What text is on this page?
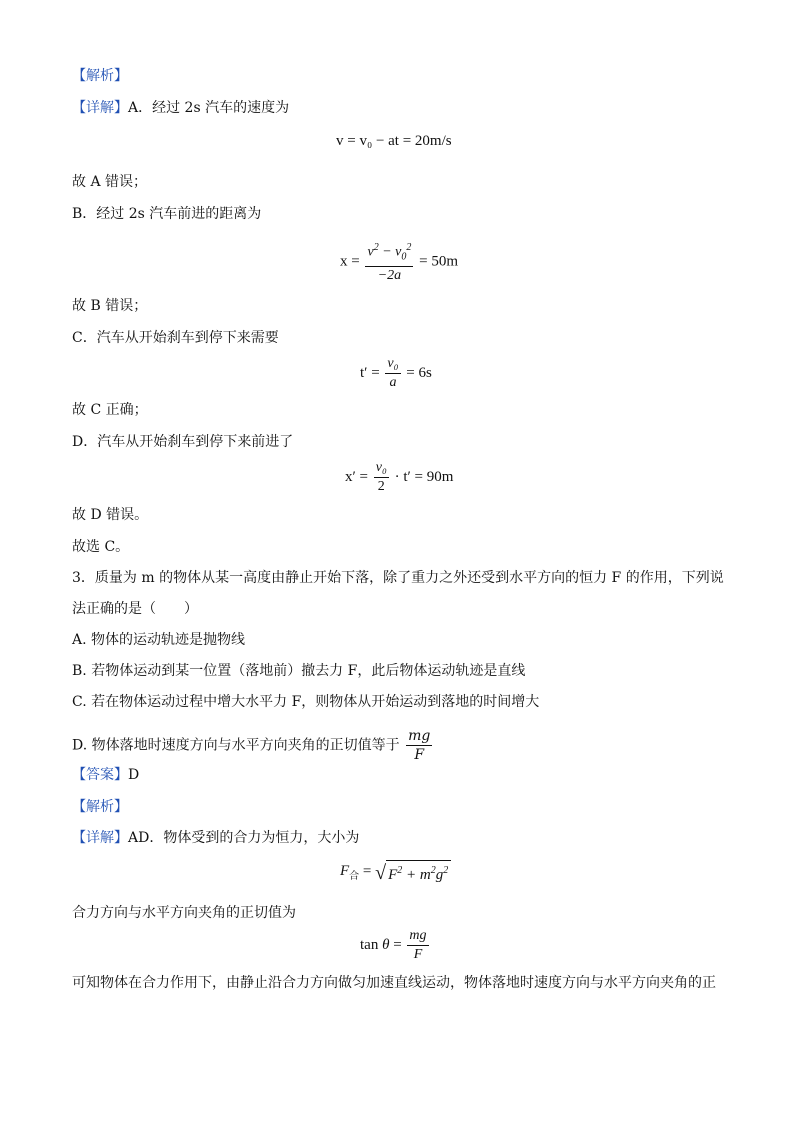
【解析】
【详解】A．经过 2s 汽车的速度为
v = v₀ − at = 20m/s
故 A 错误；
B．经过 2s 汽车前进的距离为
$x = \frac{v^2 - v_0^2}{-2a} = 50m$
故 B 错误；
C．汽车从开始刹车到停下来需要
$t' = \frac{\text{v₀}}{a} = 6s$
故 C 正确；
D．汽车从开始刹车到停下来前进了
$x' = \frac{\text{v₀}}{2} \cdot t' = 90m$
故 D 错误。
故选 C。
3．质量为 m 的物体从某一高度由静止开始下落，除了重力之外还受到水平方向的恒力 F 的作用，下列说
法正确的是（　　）
A. 物体的运动轨迹是抛物线
B. 若物体运动到某一位置（落地前）撤去力 F，此后物体运动轨迹是直线
C. 若在物体运动过程中增大水平力 F，则物体从开始运动到落地的时间增大
D. 物体落地时速度方向与水平方向夹角的正切值等于 $\frac{mg}{F}$
【答案】D
【解析】
【详解】AD．物体受到的合力为恒力，大小为
$F_合$ = √ $F^2 + m^2g^2$
合力方向与水平方向夹角的正切值为
$\tan \theta = \frac{mg}{F}$
可知物体在合力作用下，由静止沿合力方向做匀加速直线运动，物体落地时速度方向与水平方向夹角的正
